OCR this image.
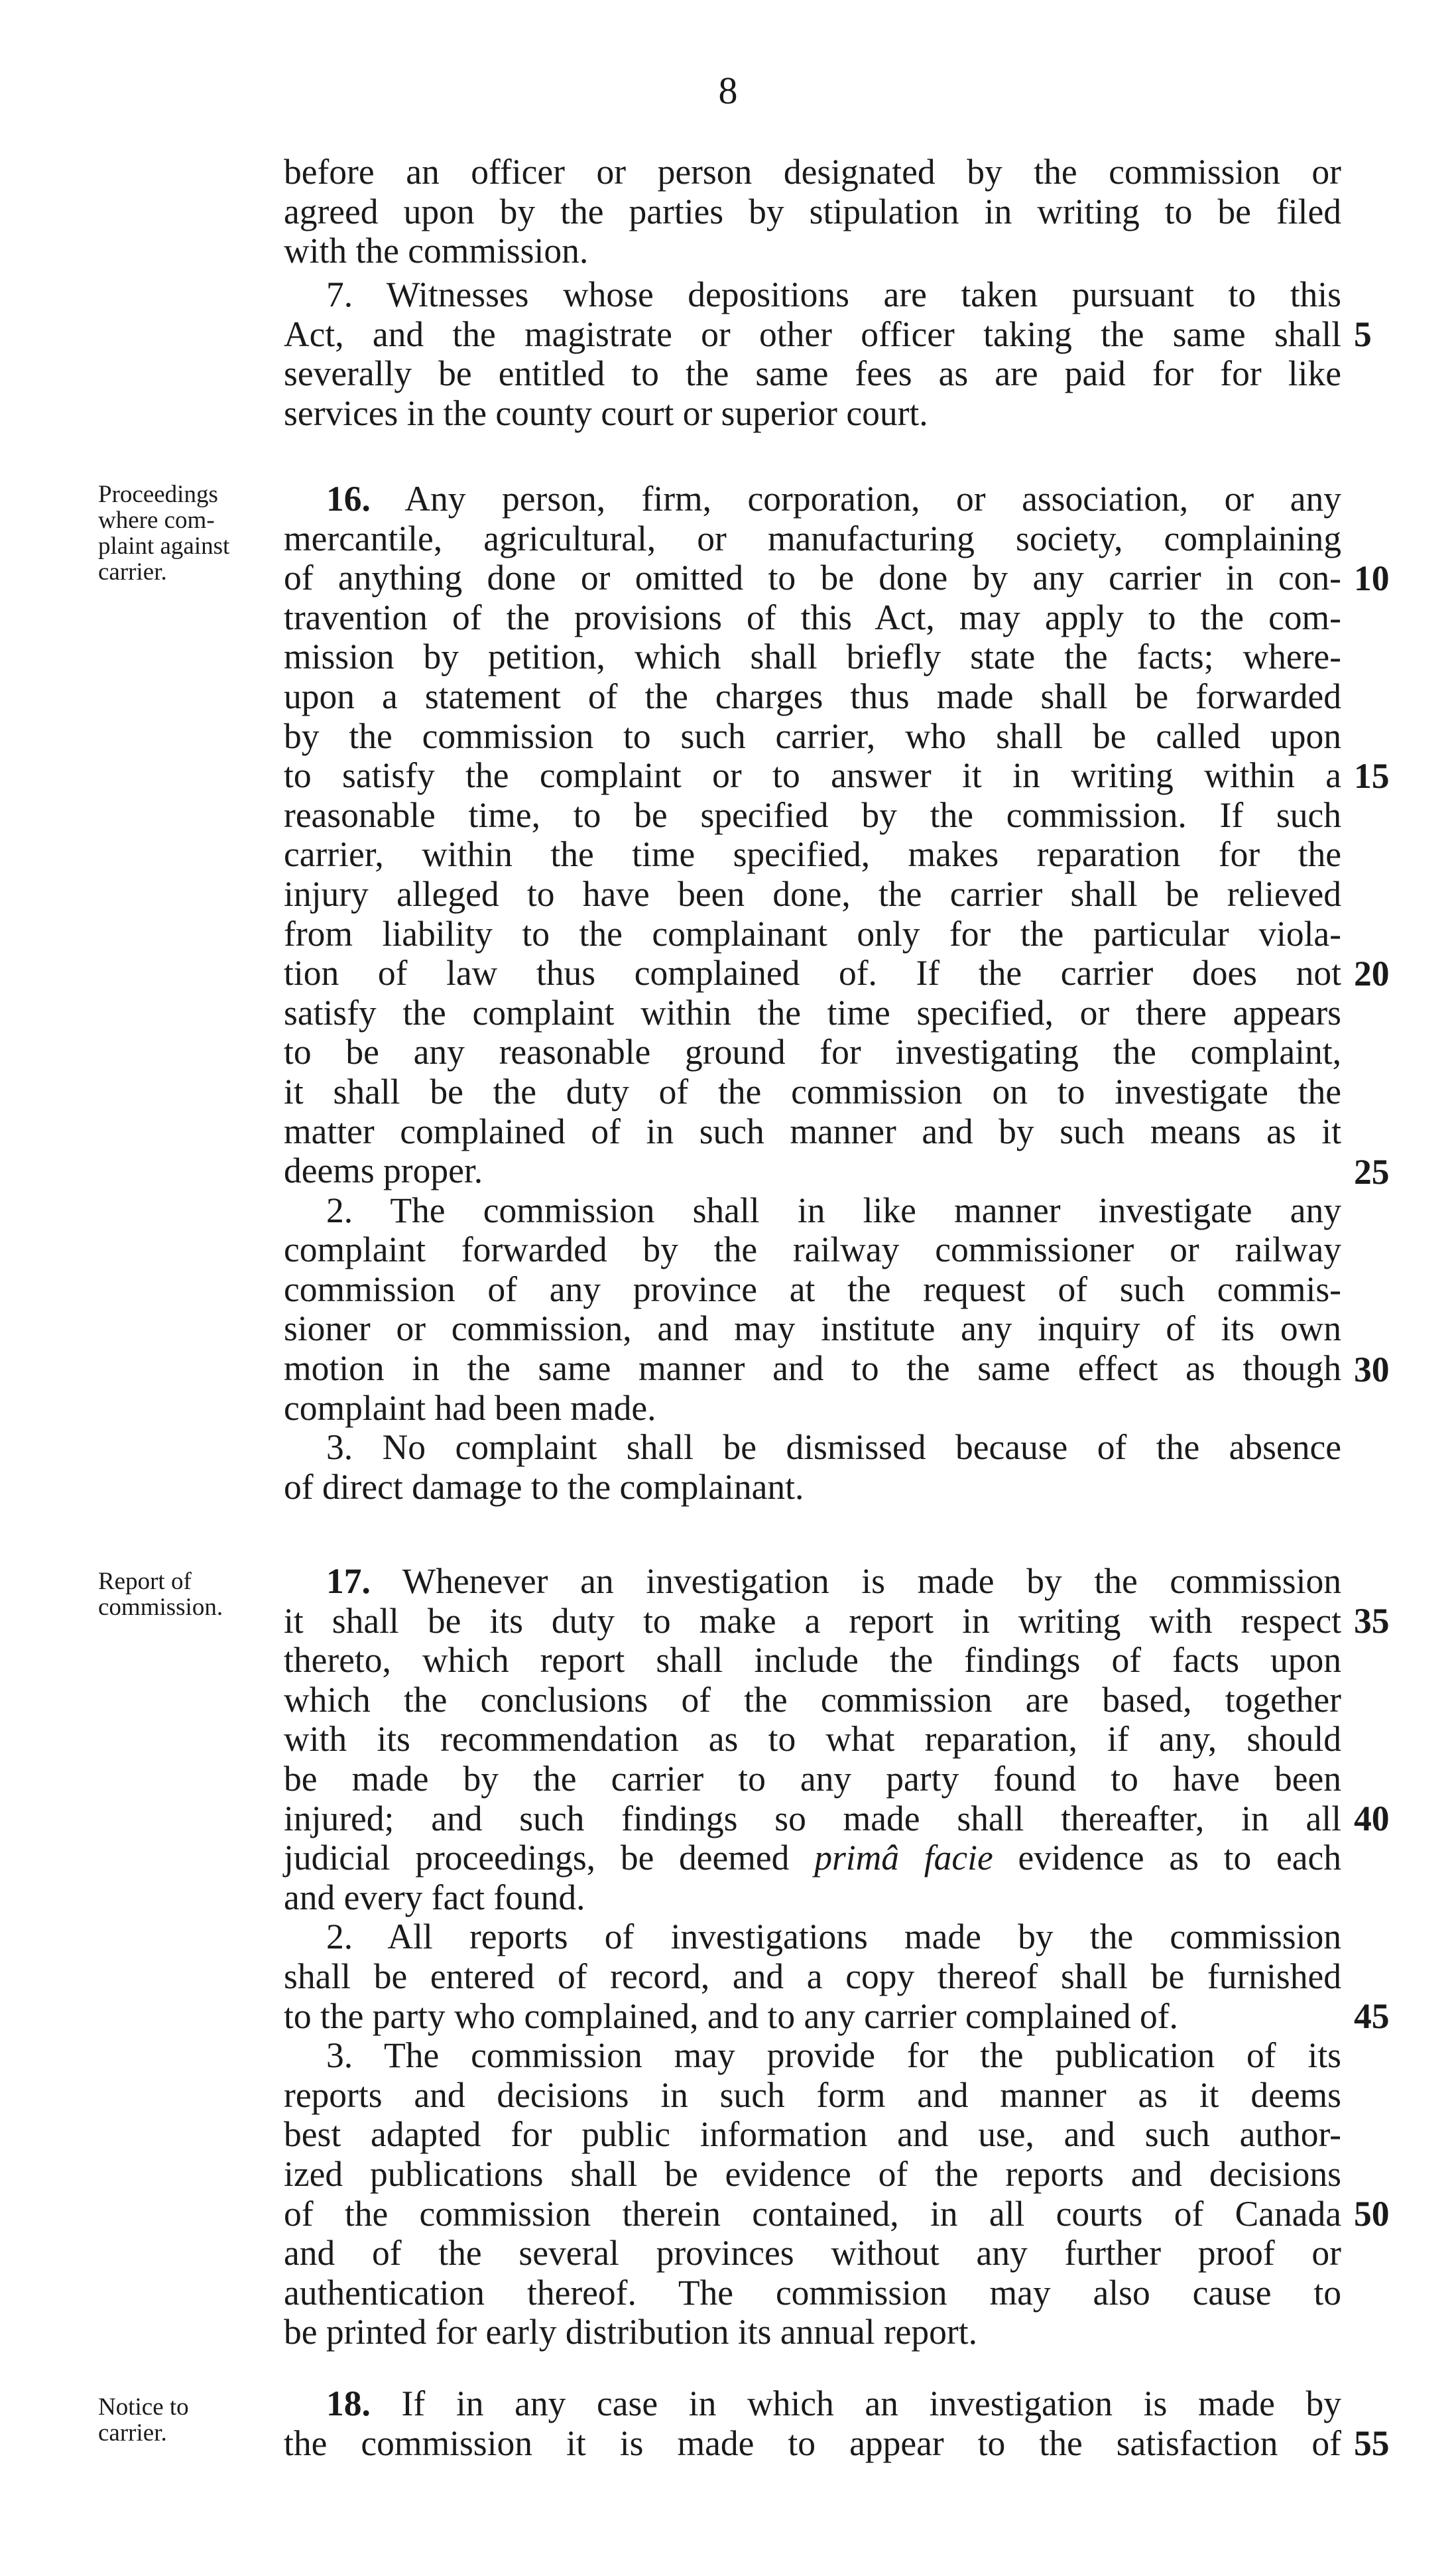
8
before an officer or person designated by the commission or
agreed upon by the parties by stipulation in writing to be filed
with the commission.
7. Witnesses whose depositions are taken pursuant to this
Act, and the magistrate or other officer taking the same shall
severally be entitled to the same fees as are paid for for like
services in the county court or superior court.
Proceedings
where com-
plaint against
carrier.
16. Any person, firm, corporation, or association, or any
mercantile, agricultural, or manufacturing society, complaining
of anything done or omitted to be done by any carrier in con-
travention of the provisions of this Act, may apply to the com-
mission by petition, which shall briefly state the facts; where-
upon a statement of the charges thus made shall be forwarded
by the commission to such carrier, who shall be called upon
to satisfy the complaint or to answer it in writing within a
reasonable time, to be specified by the commission. If such
carrier, within the time specified, makes reparation for the
injury alleged to have been done, the carrier shall be relieved
from liability to the complainant only for the particular viola-
tion of law thus complained of. If the carrier does not
satisfy the complaint within the time specified, or there appears
to be any reasonable ground for investigating the complaint,
it shall be the duty of the commission on to investigate the
matter complained of in such manner and by such means as it
deems proper.
2. The commission shall in like manner investigate any
complaint forwarded by the railway commissioner or railway
commission of any province at the request of such commis-
sioner or commission, and may institute any inquiry of its own
motion in the same manner and to the same effect as though
complaint had been made.
3. No complaint shall be dismissed because of the absence
of direct damage to the complainant.
Report of
commission.
17. Whenever an investigation is made by the commission
it shall be its duty to make a report in writing with respect
thereto, which report shall include the findings of facts upon
which the conclusions of the commission are based, together
with its recommendation as to what reparation, if any, should
be made by the carrier to any party found to have been
injured; and such findings so made shall thereafter, in all
judicial proceedings, be deemed primâ facie evidence as to each
and every fact found.
2. All reports of investigations made by the commission
shall be entered of record, and a copy thereof shall be furnished
to the party who complained, and to any carrier complained of.
3. The commission may provide for the publication of its
reports and decisions in such form and manner as it deems
best adapted for public information and use, and such author-
ized publications shall be evidence of the reports and decisions
of the commission therein contained, in all courts of Canada
and of the several provinces without any further proof or
authentication thereof. The commission may also cause to
be printed for early distribution its annual report.
Notice to
carrier.
18. If in any case in which an investigation is made by
the commission it is made to appear to the satisfaction of
5
10
15
20
25
30
35
40
45
50
55
